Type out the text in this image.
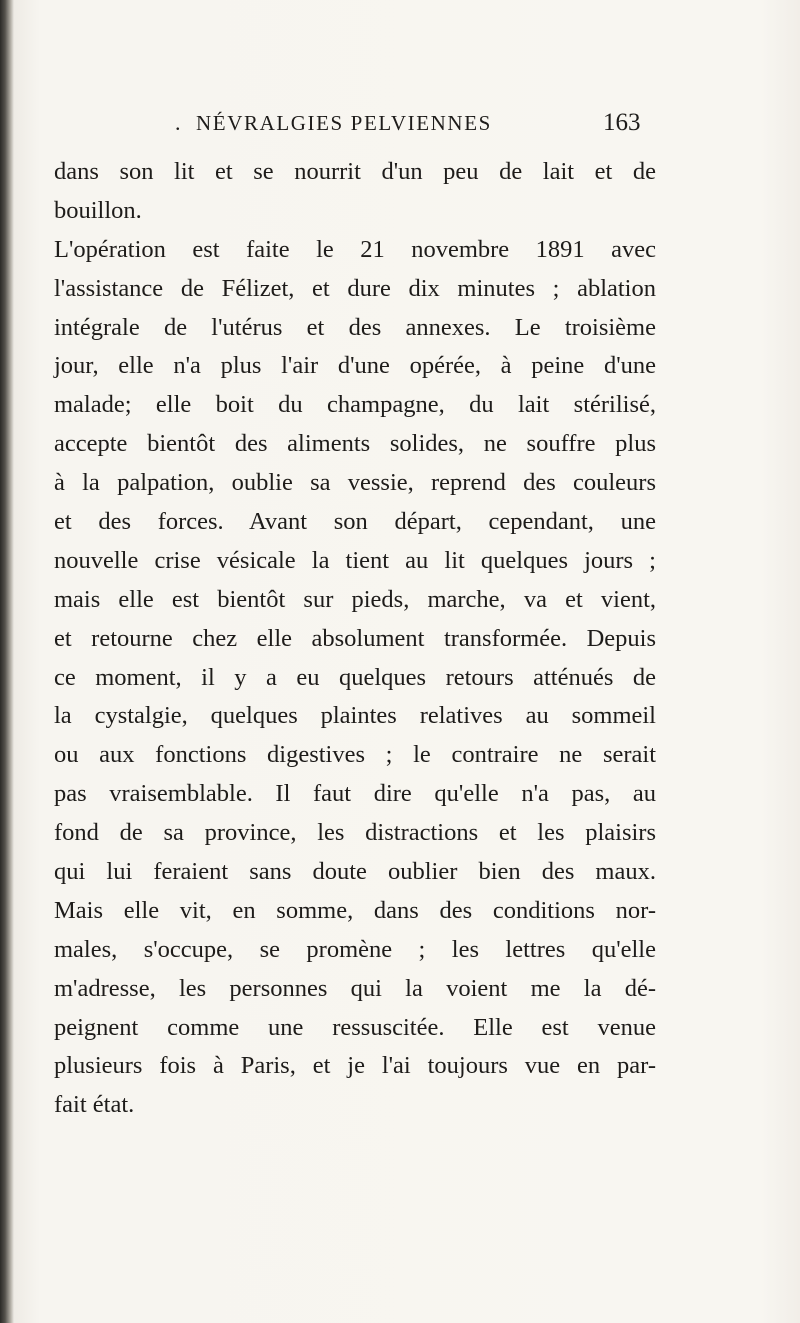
. NÉVRALGIES PELVIENNES	163
dans son lit et se nourrit d'un peu de lait et de
bouillon.
L'opération est faite le 21 novembre 1891 avec
l'assistance de Félizet, et dure dix minutes ; ablation
intégrale de l'utérus et des annexes. Le troisième
jour, elle n'a plus l'air d'une opérée, à peine d'une
malade; elle boit du champagne, du lait stérilisé,
accepte bientôt des aliments solides, ne souffre plus
à la palpation, oublie sa vessie, reprend des couleurs
et des forces. Avant son départ, cependant, une
nouvelle crise vésicale la tient au lit quelques jours ;
mais elle est bientôt sur pieds, marche, va et vient,
et retourne chez elle absolument transformée. Depuis
ce moment, il y a eu quelques retours atténués de
la cystalgie, quelques plaintes relatives au sommeil
ou aux fonctions digestives ; le contraire ne serait
pas vraisemblable. Il faut dire qu'elle n'a pas, au
fond de sa province, les distractions et les plaisirs
qui lui feraient sans doute oublier bien des maux.
Mais elle vit, en somme, dans des conditions nor-
males, s'occupe, se promène ; les lettres qu'elle
m'adresse, les personnes qui la voient me la dé-
peignent comme une ressuscitée. Elle est venue
plusieurs fois à Paris, et je l'ai toujours vue en par-
fait état.
